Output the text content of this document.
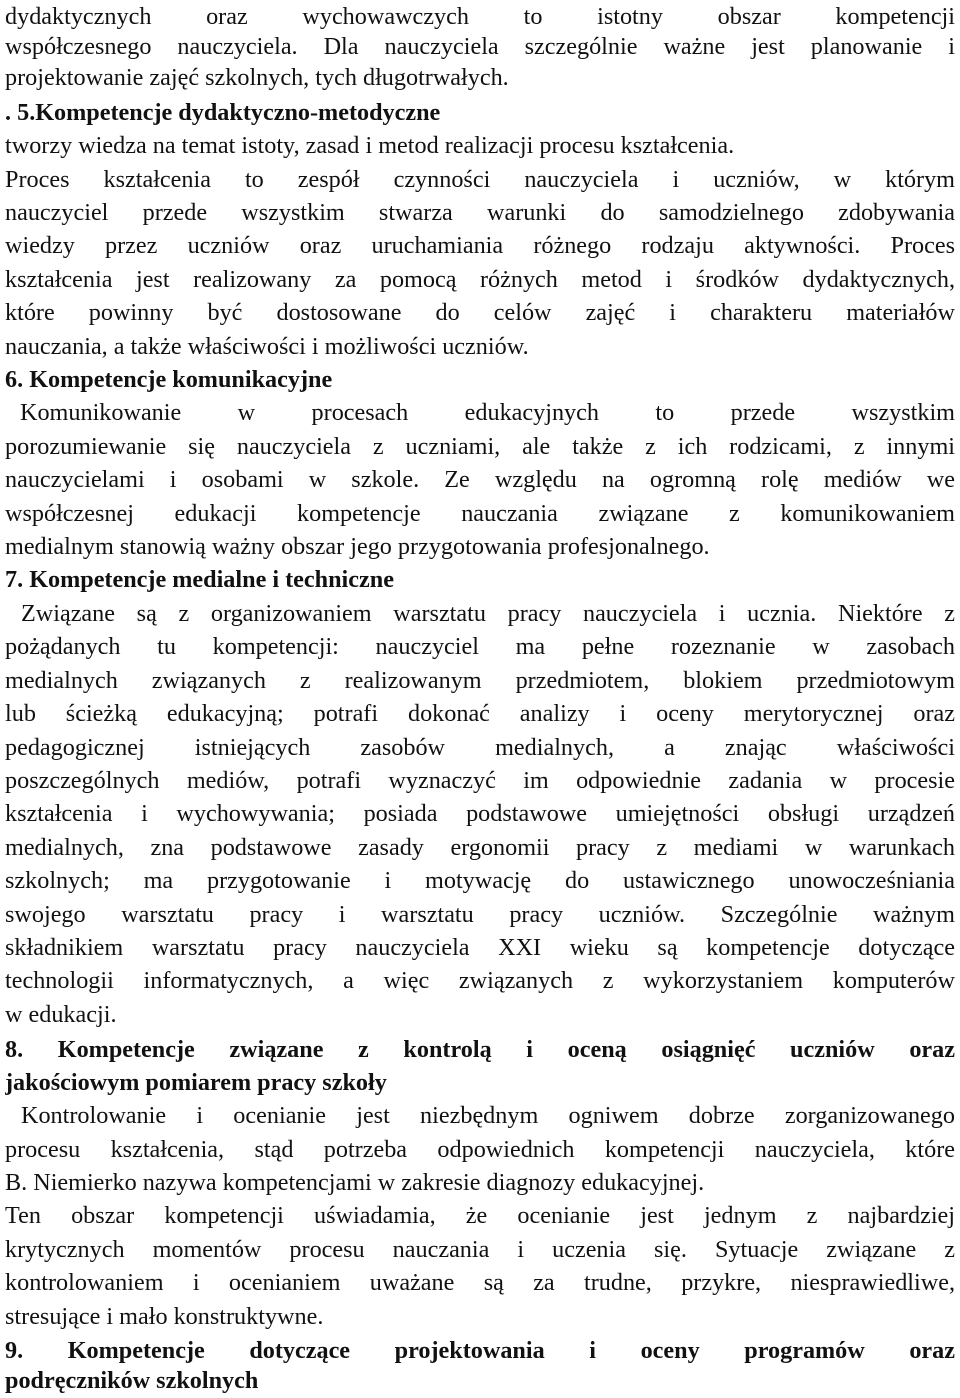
dydaktycznych oraz wychowawczych to istotny obszar kompetencji
współczesnego nauczyciela. Dla nauczyciela szczególnie ważne jest planowanie i
projektowanie zajęć szkolnych, tych długotrwałych.
. 5.Kompetencje dydaktyczno-metodyczne
tworzy wiedza na temat istoty, zasad i metod realizacji procesu kształcenia.
Proces kształcenia to zespół czynności nauczyciela i uczniów, w którym
nauczyciel przede wszystkim stwarza warunki do samodzielnego zdobywania
wiedzy przez uczniów oraz uruchamiania różnego rodzaju aktywności. Proces
kształcenia jest realizowany za pomocą różnych metod i środków dydaktycznych,
które powinny być dostosowane do celów zajęć i charakteru materiałów
nauczania, a także właściwości i możliwości uczniów.
6. Kompetencje komunikacyjne
Komunikowanie w procesach edukacyjnych to przede wszystkim
porozumiewanie się nauczyciela z uczniami, ale także z ich rodzicami, z innymi
nauczycielami i osobami w szkole. Ze względu na ogromną rolę mediów we
współczesnej edukacji kompetencje nauczania związane z komunikowaniem
medialnym stanowią ważny obszar jego przygotowania profesjonalnego.
7. Kompetencje medialne i techniczne
Związane są z organizowaniem warsztatu pracy nauczyciela i ucznia. Niektóre z
pożądanych tu kompetencji: nauczyciel ma pełne rozeznanie w zasobach
medialnych związanych z realizowanym przedmiotem, blokiem przedmiotowym
lub ścieżką edukacyjną; potrafi dokonać analizy i oceny merytorycznej oraz
pedagogicznej istniejących zasobów medialnych, a znając właściwości
poszczególnych mediów, potrafi wyznaczyć im odpowiednie zadania w procesie
kształcenia i wychowywania; posiada podstawowe umiejętności obsługi urządzeń
medialnych, zna podstawowe zasady ergonomii pracy z mediami w warunkach
szkolnych; ma przygotowanie i motywację do ustawicznego unowocześniania
swojego warsztatu pracy i warsztatu pracy uczniów. Szczególnie ważnym
składnikiem warsztatu pracy nauczyciela XXI wieku są kompetencje dotyczące
technologii informatycznych, a więc związanych z wykorzystaniem komputerów
w edukacji.
8. Kompetencje związane z kontrolą i oceną osiągnięć uczniów oraz
jakościowym pomiarem pracy szkoły
Kontrolowanie i ocenianie jest niezbędnym ogniwem dobrze zorganizowanego
procesu kształcenia, stąd potrzeba odpowiednich kompetencji nauczyciela, które
B. Niemierko nazywa kompetencjami w zakresie diagnozy edukacyjnej.
Ten obszar kompetencji uświadamia, że ocenianie jest jednym z najbardziej
krytycznych momentów procesu nauczania i uczenia się. Sytuacje związane z
kontrolowaniem i ocenianiem uważane są za trudne, przykre, niesprawiedliwe,
stresujące i mało konstruktywne.
9. Kompetencje dotyczące projektowania i oceny programów oraz
podręczników szkolnych
